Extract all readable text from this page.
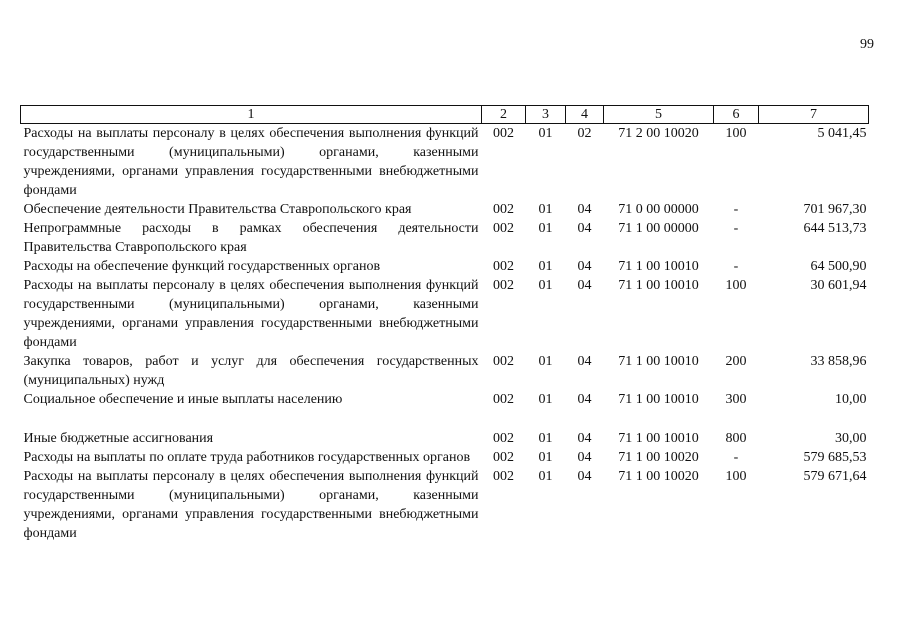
99
1	2	3	4	5	6	7
Расходы на выплаты персоналу в целях обеспечения выполнения функций государственными (муниципальными) органами, казенными учреждениями, органами управления государственными внебюджетными фондами	002	01	02	71 2 00 10020	100	5 041,45
Обеспечение деятельности Правительства Ставропольского края	002	01	04	71 0 00 00000	-	701 967,30
Непрограммные расходы в рамках обеспечения деятельности Правительства Ставропольского края	002	01	04	71 1 00 00000	-	644 513,73
Расходы на обеспечение функций государственных органов	002	01	04	71 1 00 10010	-	64 500,90
Расходы на выплаты персоналу в целях обеспечения выполнения функций государственными (муниципальными) органами, казенными учреждениями, органами управления государственными внебюджетными фондами	002	01	04	71 1 00 10010	100	30 601,94
Закупка товаров, работ и услуг для обеспечения государственных (муниципальных) нужд	002	01	04	71 1 00 10010	200	33 858,96
Социальное обеспечение и иные выплаты населению	002	01	04	71 1 00 10010	300	10,00
Иные бюджетные ассигнования	002	01	04	71 1 00 10010	800	30,00
Расходы на выплаты по оплате труда работников государственных органов	002	01	04	71 1 00 10020	-	579 685,53
Расходы на выплаты персоналу в целях обеспечения выполнения функций государственными (муниципальными) органами, казенными учреждениями, органами управления государственными внебюджетными фондами	002	01	04	71 1 00 10020	100	579 671,64
